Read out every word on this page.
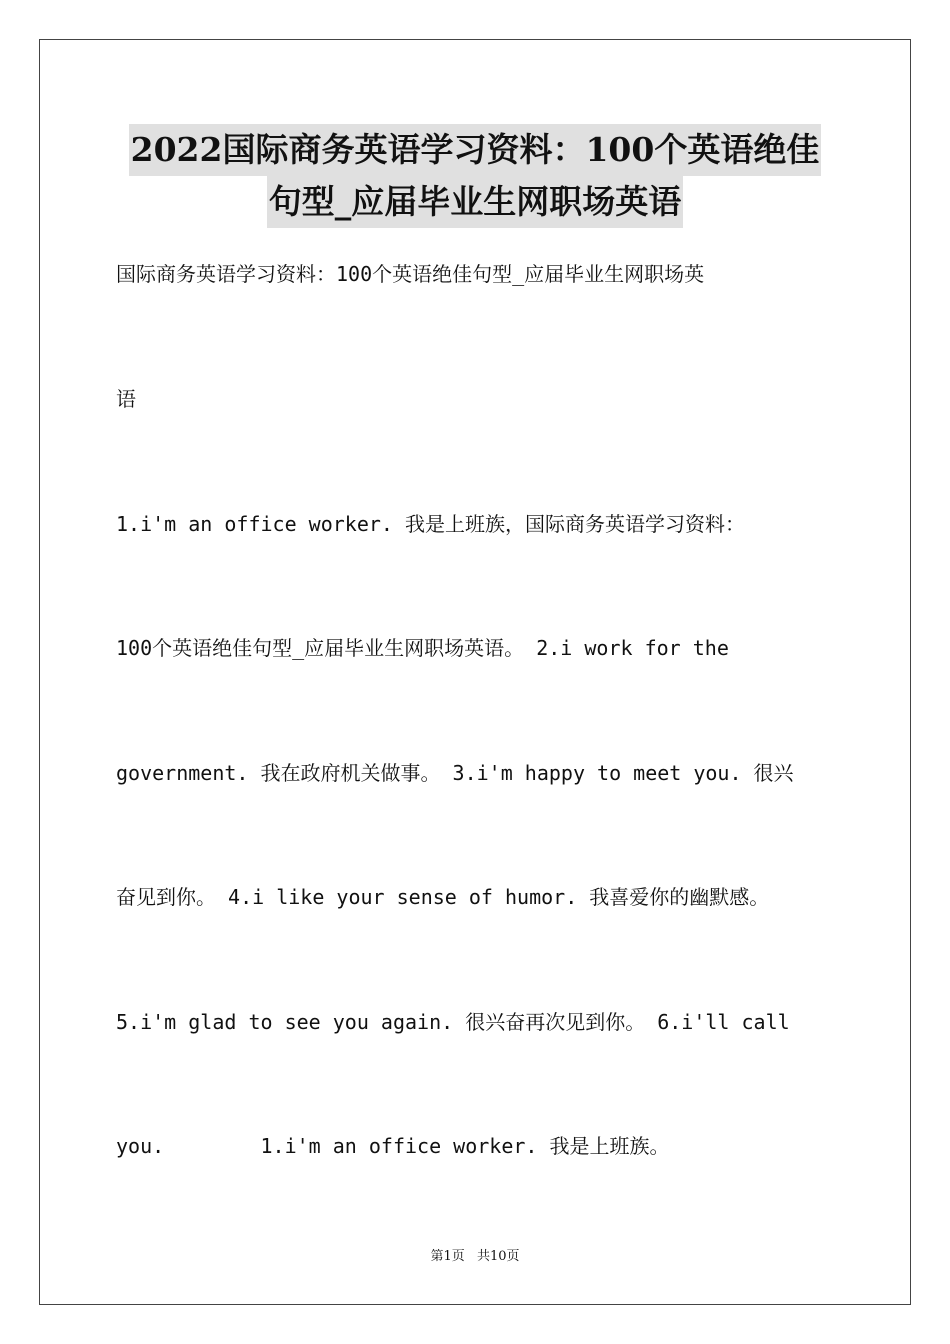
2022国际商务英语学习资料：100个英语绝佳
句型_应届毕业生网职场英语

国际商务英语学习资料：100个英语绝佳句型_应届毕业生网职场英

语

1.i'm an office worker. 我是上班族，国际商务英语学习资料：

100个英语绝佳句型_应届毕业生网职场英语。 2.i work for the

government. 我在政府机关做事。 3.i'm happy to meet you. 很兴

奋见到你。 4.i like your sense of humor. 我喜爱你的幽默感。

5.i'm glad to see you again. 很兴奋再次见到你。 6.i'll call

you.        1.i'm an office worker. 我是上班族。

第1页 共10页
